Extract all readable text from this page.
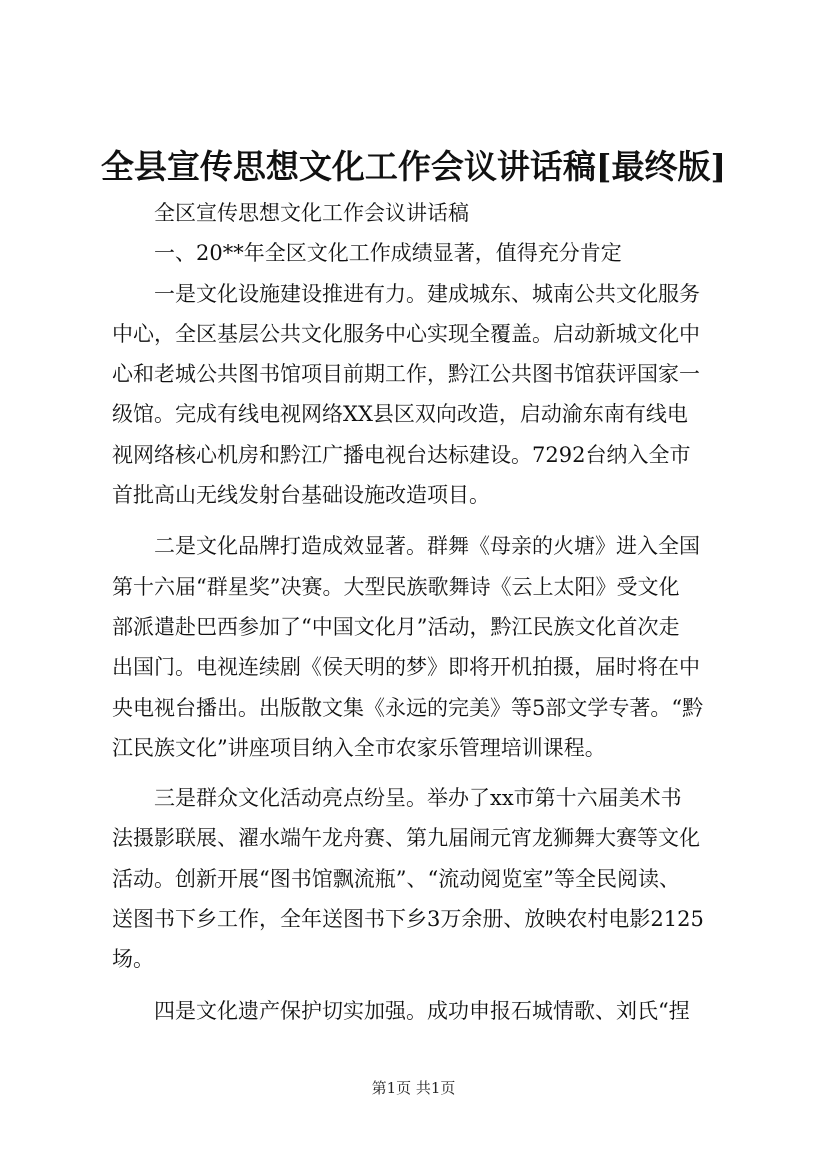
全县宣传思想文化工作会议讲话稿[最终版]
全区宣传思想文化工作会议讲话稿
一、20**年全区文化工作成绩显著，值得充分肯定
一是文化设施建设推进有力。建成城东、城南公共文化服务
中心，全区基层公共文化服务中心实现全覆盖。启动新城文化中
心和老城公共图书馆项目前期工作，黔江公共图书馆获评国家一
级馆。完成有线电视网络XX县区双向改造，启动渝东南有线电
视网络核心机房和黔江广播电视台达标建设。7292台纳入全市
首批高山无线发射台基础设施改造项目。
二是文化品牌打造成效显著。群舞《母亲的火塘》进入全国
第十六届“群星奖”决赛。大型民族歌舞诗《云上太阳》受文化
部派遣赴巴西参加了“中国文化月”活动，黔江民族文化首次走
出国门。电视连续剧《侯天明的梦》即将开机拍摄，届时将在中
央电视台播出。出版散文集《永远的完美》等5部文学专著。“黔
江民族文化”讲座项目纳入全市农家乐管理培训课程。
三是群众文化活动亮点纷呈。举办了xx市第十六届美术书
法摄影联展、濯水端午龙舟赛、第九届闹元宵龙狮舞大赛等文化
活动。创新开展“图书馆飘流瓶”、“流动阅览室”等全民阅读、
送图书下乡工作，全年送图书下乡3万余册、放映农村电影2125
场。
四是文化遗产保护切实加强。成功申报石城情歌、刘氏“捏
第1页 共1页
